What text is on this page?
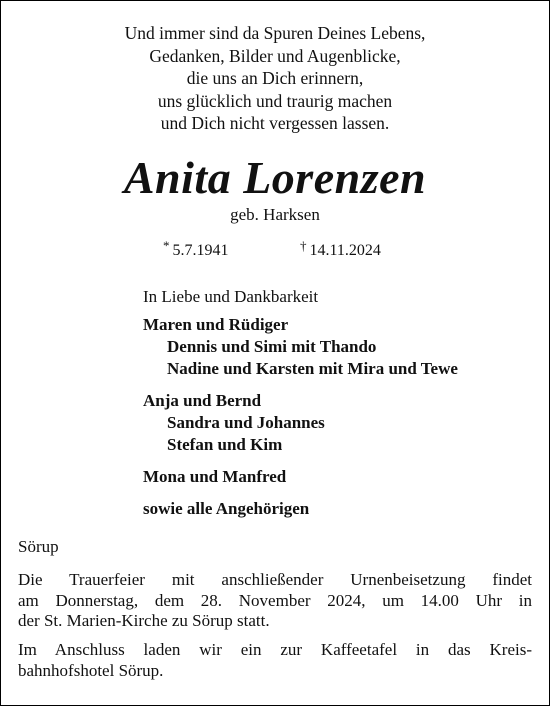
Und immer sind da Spuren Deines Lebens,
Gedanken, Bilder und Augenblicke,
die uns an Dich erinnern,
uns glücklich und traurig machen
und Dich nicht vergessen lassen.
Anita Lorenzen
geb. Harksen
* 5.7.1941	† 14.11.2024
In Liebe und Dankbarkeit
Maren und Rüdiger
Dennis und Simi mit Thando
Nadine und Karsten mit Mira und Tewe
Anja und Bernd
Sandra und Johannes
Stefan und Kim
Mona und Manfred
sowie alle Angehörigen
Sörup
Die Trauerfeier mit anschließender Urnenbeisetzung findet
am Donnerstag, dem 28. November 2024, um 14.00 Uhr in
der St. Marien-Kirche zu Sörup statt.
Im Anschluss laden wir ein zur Kaffeetafel in das Kreis-
bahnhofshotel Sörup.
